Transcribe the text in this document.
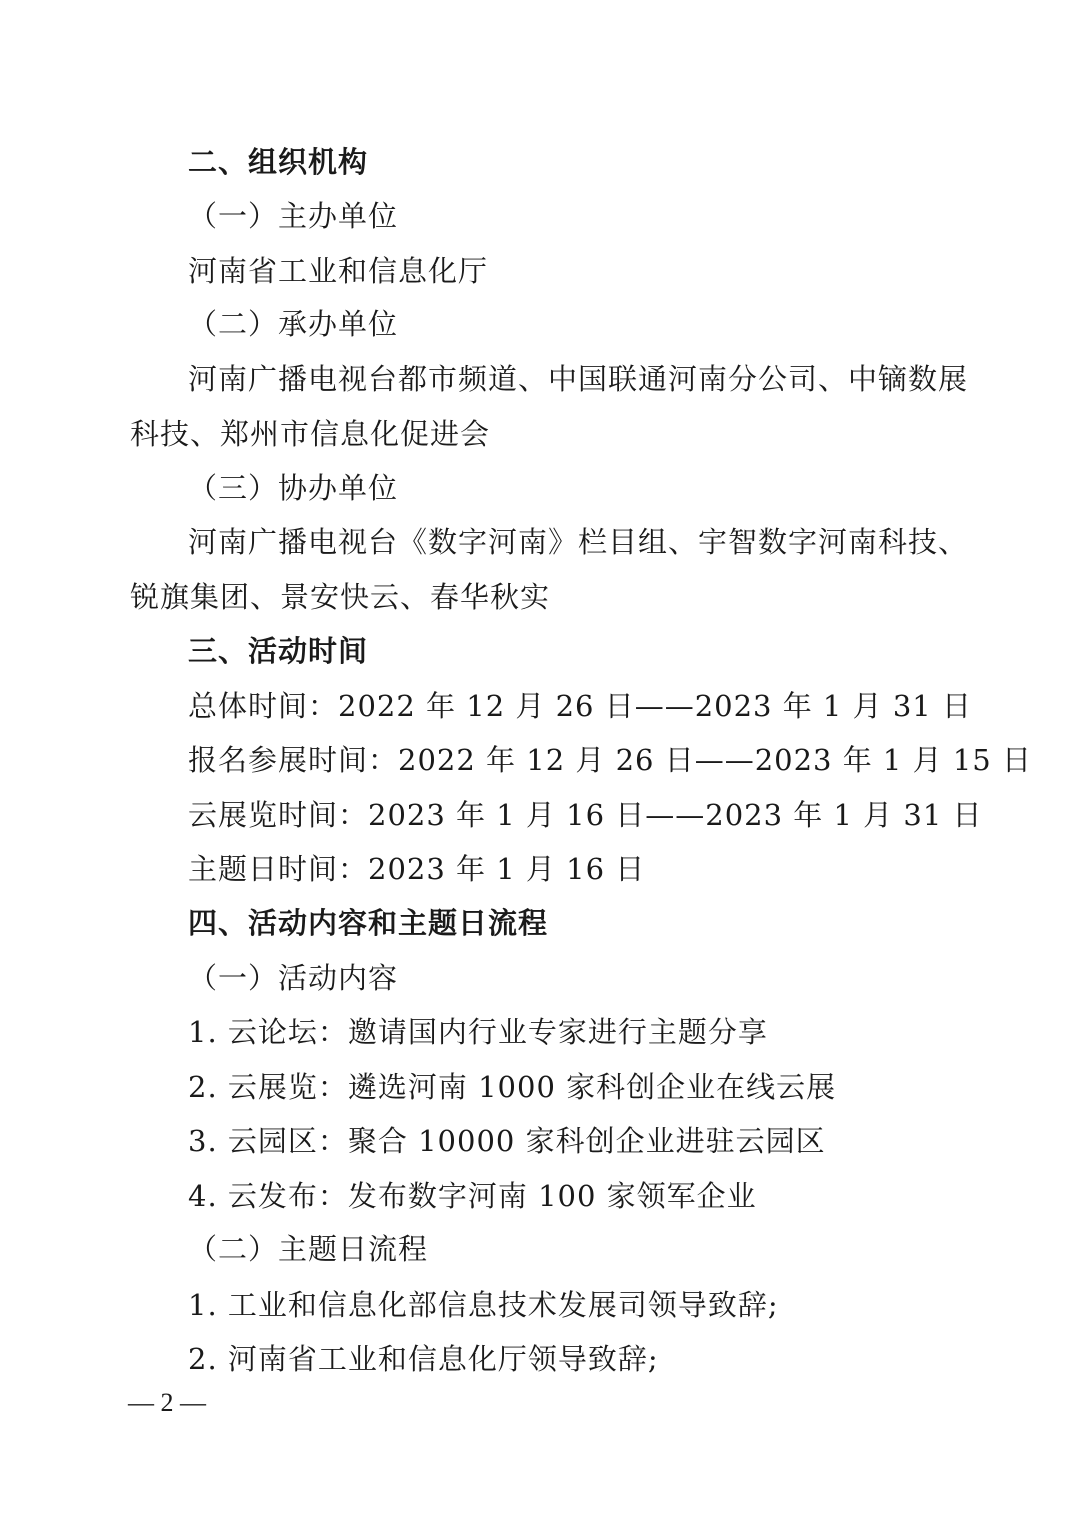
二、组织机构
（一）主办单位
河南省工业和信息化厅
（二）承办单位
河南广播电视台都市频道、中国联通河南分公司、中镝数展
科技、郑州市信息化促进会
（三）协办单位
河南广播电视台《数字河南》栏目组、宇智数字河南科技、
锐旗集团、景安快云、春华秋实
三、活动时间
总体时间：2022 年 12 月 26 日——2023 年 1 月 31 日
报名参展时间：2022 年 12 月 26 日——2023 年 1 月 15 日
云展览时间：2023 年 1 月 16 日——2023 年 1 月 31 日
主题日时间：2023 年 1 月 16 日
四、活动内容和主题日流程
（一）活动内容
1. 云论坛：邀请国内行业专家进行主题分享
2. 云展览：遴选河南 1000 家科创企业在线云展
3. 云园区：聚合 10000 家科创企业进驻云园区
4. 云发布：发布数字河南 100 家领军企业
（二）主题日流程
1. 工业和信息化部信息技术发展司领导致辞;
2. 河南省工业和信息化厅领导致辞;
— 2 —
